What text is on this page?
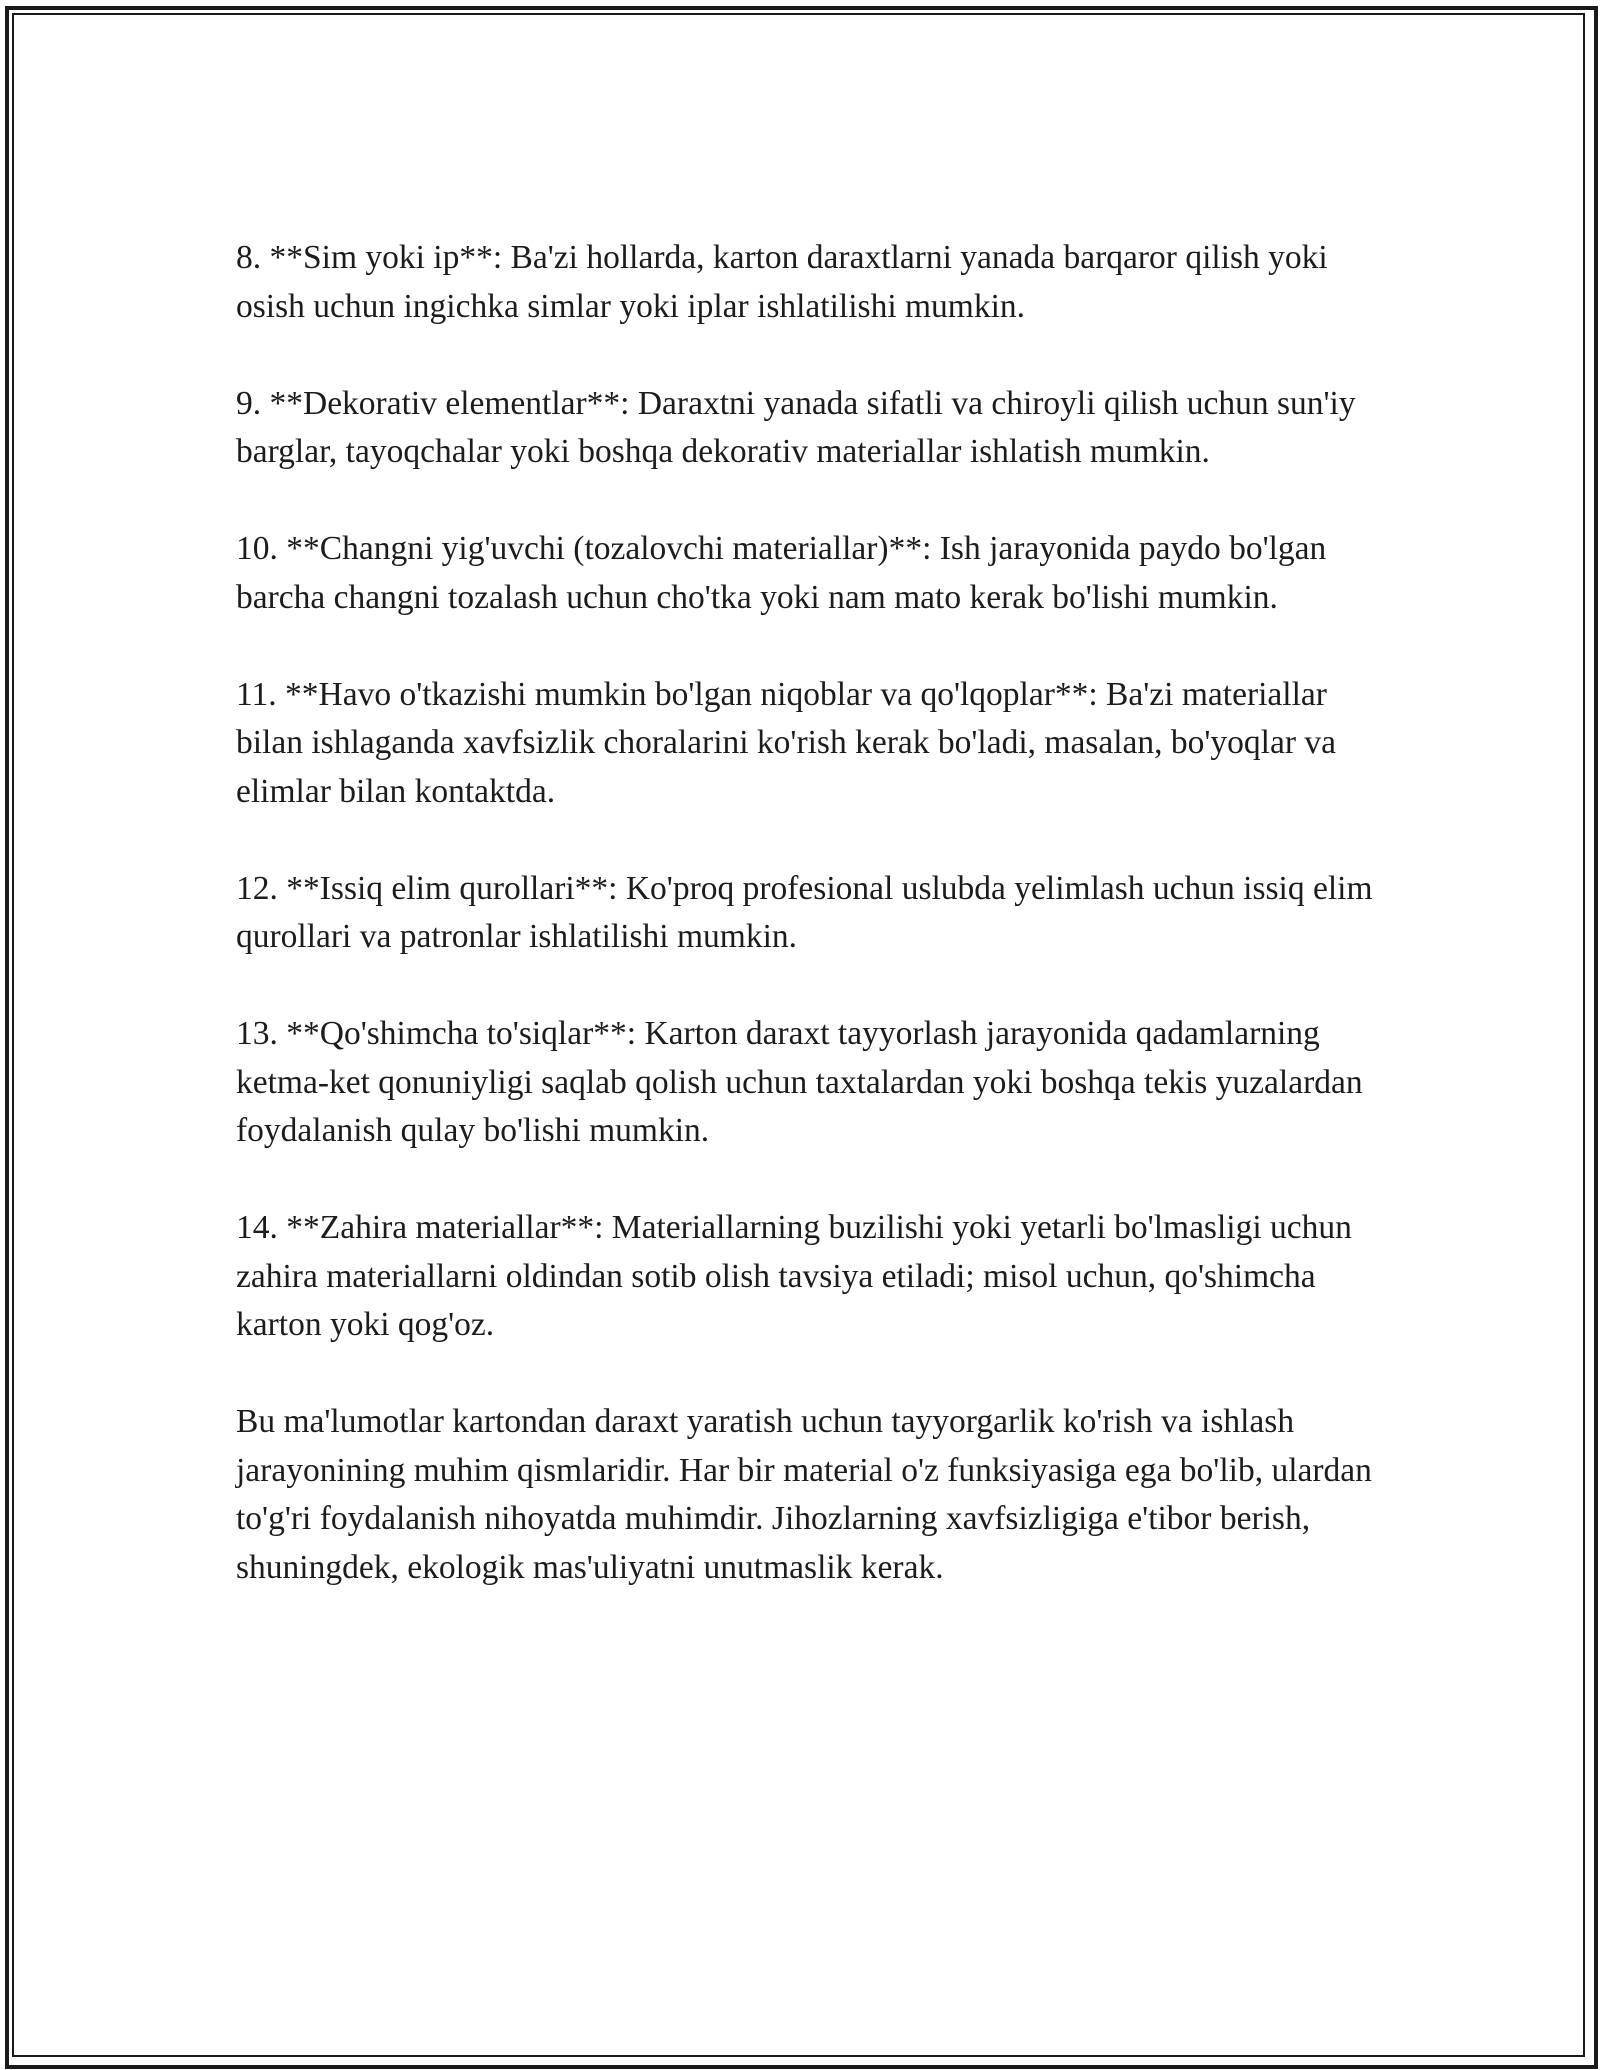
8. **Sim yoki ip**: Ba'zi hollarda, karton daraxtlarni yanada barqaror qilish yoki osish uchun ingichka simlar yoki iplar ishlatilishi mumkin.

9. **Dekorativ elementlar**: Daraxtni yanada sifatli va chiroyli qilish uchun sun'iy barglar, tayoqchalar yoki boshqa dekorativ materiallar ishlatish mumkin.

10. **Changni yig'uvchi (tozalovchi materiallar)**: Ish jarayonida paydo bo'lgan barcha changni tozalash uchun cho'tka yoki nam mato kerak bo'lishi mumkin.

11. **Havo o'tkazishi mumkin bo'lgan niqoblar va qo'lqoplar**: Ba'zi materiallar bilan ishlaganda xavfsizlik choralarini ko'rish kerak bo'ladi, masalan, bo'yoqlar va elimlar bilan kontaktda.

12. **Issiq elim qurollari**: Ko'proq profesional uslubda yelimlash uchun issiq elim qurollari va patronlar ishlatilishi mumkin.

13. **Qo'shimcha to'siqlar**: Karton daraxt tayyorlash jarayonida qadamlarning ketma-ket qonuniyligi saqlab qolish uchun taxtalardan yoki boshqa tekis yuzalardan foydalanish qulay bo'lishi mumkin.

14. **Zahira materiallar**: Materiallarning buzilishi yoki yetarli bo'lmasligi uchun zahira materiallarni oldindan sotib olish tavsiya etiladi; misol uchun, qo'shimcha karton yoki qog'oz.

Bu ma'lumotlar kartondan daraxt yaratish uchun tayyorgarlik ko'rish va ishlash jarayonining muhim qismlaridir. Har bir material o'z funksiyasiga ega bo'lib, ulardan to'g'ri foydalanish nihoyatda muhimdir. Jihozlarning xavfsizligiga e'tibor berish, shuningdek, ekologik mas'uliyatni unutmaslik kerak.
